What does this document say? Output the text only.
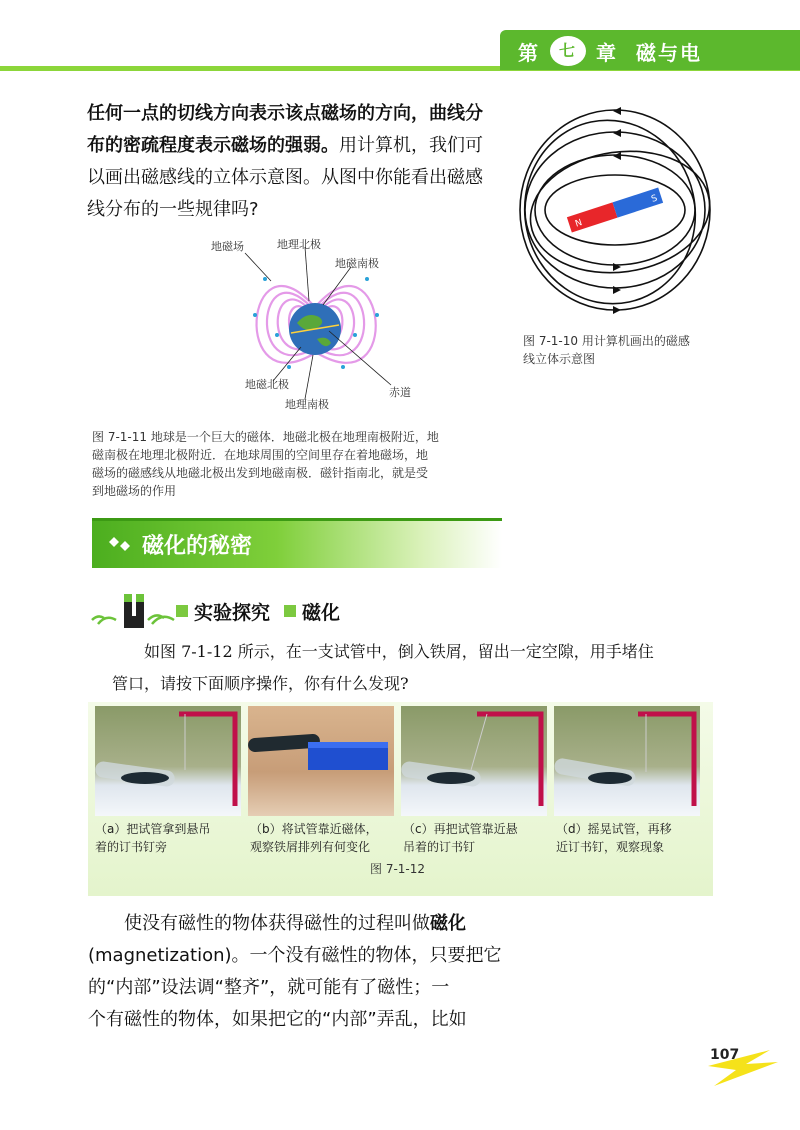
第	七 章 磁与电
任何一点的切线方向表示该点磁场的方向，曲线分
布的密疏程度表示磁场的强弱。用计算机，我们可
以画出磁感线的立体示意图。从图中你能看出磁感
线分布的一些规律吗?
N
S
图 7-1-10 用计算机画出的磁感
线立体示意图
地磁场	地理北极
地磁南极
地磁北极
地理南极
赤道
图 7-1-11 地球是一个巨大的磁体．地磁北极在地理南极附近，地
磁南极在地理北极附近．在地球周围的空间里存在着地磁场，地
磁场的磁感线从地磁北极出发到地磁南极．磁针指南北，就是受
到地磁场的作用
磁化的秘密
实验探究 磁化
如图 7-1-12 所示，在一支试管中，倒入铁屑，留出一定空隙，用手堵住
管口，请按下面顺序操作，你有什么发现?
（a）把试管拿到悬吊
着的订书钉旁
（b）将试管靠近磁体，
观察铁屑排列有何变化
（c）再把试管靠近悬
吊着的订书钉
（d）摇晃试管，再移
近订书钉，观察现象
图 7-1-12
使没有磁性的物体获得磁性的过程叫做磁化
(magnetization)。一个没有磁性的物体，只要把它
的“内部”设法调“整齐”，就可能有了磁性；一
个有磁性的物体，如果把它的“内部”弄乱，比如
107
